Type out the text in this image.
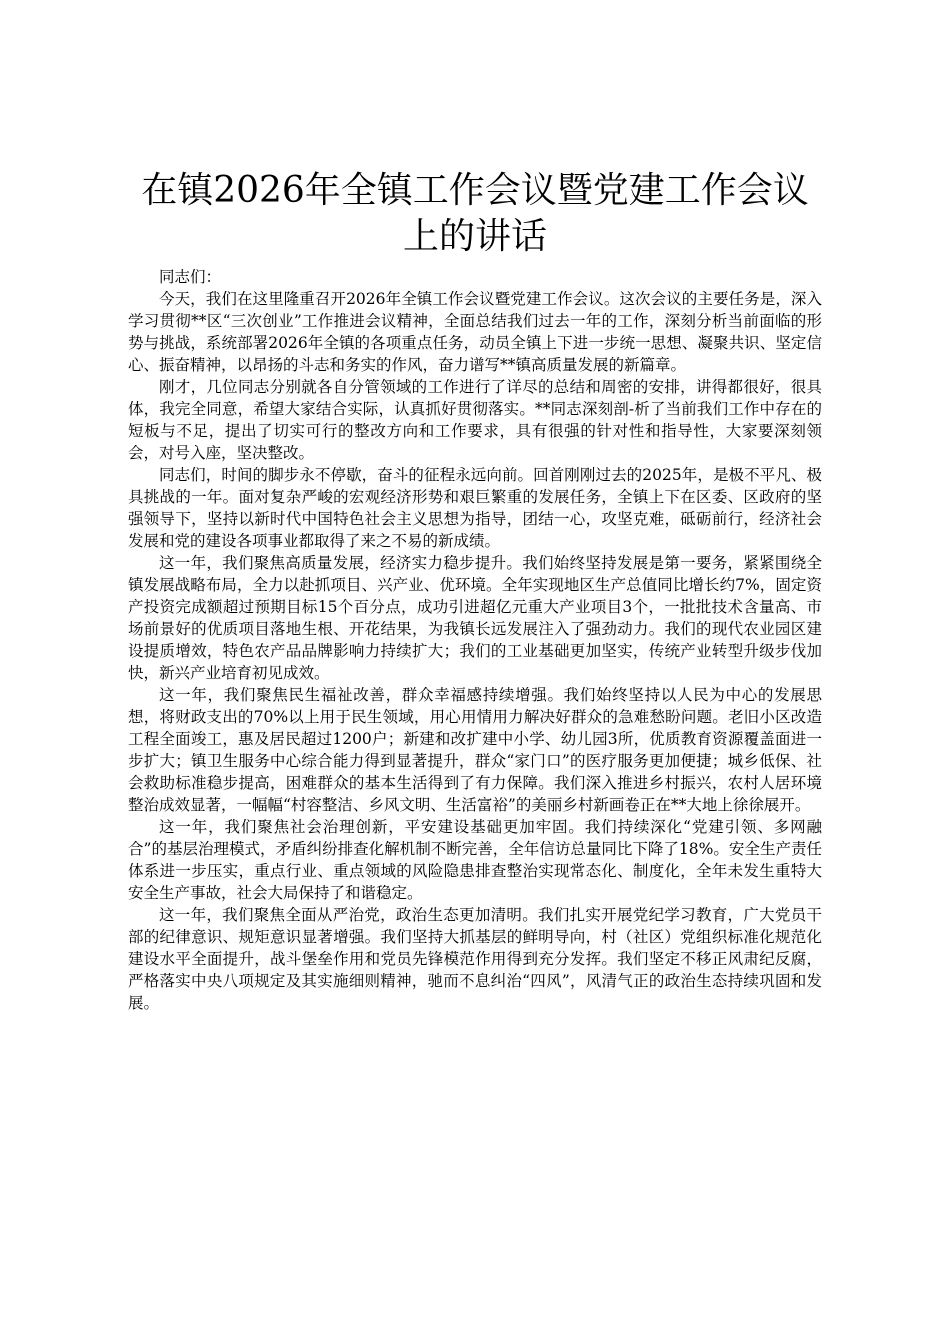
在镇2026年全镇工作会议暨党建工作会议上的讲话

同志们：

今天，我们在这里隆重召开2026年全镇工作会议暨党建工作会议。这次会议的主要任务是，深入学习贯彻**区“三次创业”工作推进会议精神，全面总结我们过去一年的工作，深刻分析当前面临的形势与挑战，系统部署2026年全镇的各项重点任务，动员全镇上下进一步统一思想、凝聚共识、坚定信心、振奋精神，以昂扬的斗志和务实的作风，奋力谱写**镇高质量发展的新篇章。

刚才，几位同志分别就各自分管领域的工作进行了详尽的总结和周密的安排，讲得都很好，很具体，我完全同意，希望大家结合实际，认真抓好贯彻落实。**同志深刻剖-析了当前我们工作中存在的短板与不足，提出了切实可行的整改方向和工作要求，具有很强的针对性和指导性，大家要深刻领会，对号入座，坚决整改。

同志们，时间的脚步永不停歇，奋斗的征程永远向前。回首刚刚过去的2025年，是极不平凡、极具挑战的一年。面对复杂严峻的宏观经济形势和艰巨繁重的发展任务，全镇上下在区委、区政府的坚强领导下，坚持以新时代中国特色社会主义思想为指导，团结一心，攻坚克难，砥砺前行，经济社会发展和党的建设各项事业都取得了来之不易的新成绩。

这一年，我们聚焦高质量发展，经济实力稳步提升。我们始终坚持发展是第一要务，紧紧围绕全镇发展战略布局，全力以赴抓项目、兴产业、优环境。全年实现地区生产总值同比增长约7%，固定资产投资完成额超过预期目标15个百分点，成功引进超亿元重大产业项目3个，一批批技术含量高、市场前景好的优质项目落地生根、开花结果，为我镇长远发展注入了强劲动力。我们的现代农业园区建设提质增效，特色农产品品牌影响力持续扩大；我们的工业基础更加坚实，传统产业转型升级步伐加快，新兴产业培育初见成效。

这一年，我们聚焦民生福祉改善，群众幸福感持续增强。我们始终坚持以人民为中心的发展思想，将财政支出的70%以上用于民生领域，用心用情用力解决好群众的急难愁盼问题。老旧小区改造工程全面竣工，惠及居民超过1200户；新建和改扩建中小学、幼儿园3所，优质教育资源覆盖面进一步扩大；镇卫生服务中心综合能力得到显著提升，群众“家门口”的医疗服务更加便捷；城乡低保、社会救助标准稳步提高，困难群众的基本生活得到了有力保障。我们深入推进乡村振兴，农村人居环境整治成效显著，一幅幅“村容整洁、乡风文明、生活富裕”的美丽乡村新画卷正在**大地上徐徐展开。

这一年，我们聚焦社会治理创新，平安建设基础更加牢固。我们持续深化“党建引领、多网融合”的基层治理模式，矛盾纠纷排查化解机制不断完善，全年信访总量同比下降了18%。安全生产责任体系进一步压实，重点行业、重点领域的风险隐患排查整治实现常态化、制度化，全年未发生重特大安全生产事故，社会大局保持了和谐稳定。

这一年，我们聚焦全面从严治党，政治生态更加清明。我们扎实开展党纪学习教育，广大党员干部的纪律意识、规矩意识显著增强。我们坚持大抓基层的鲜明导向，村（社区）党组织标准化规范化建设水平全面提升，战斗堡垒作用和党员先锋模范作用得到充分发挥。我们坚定不移正风肃纪反腐，严格落实中央八项规定及其实施细则精神，驰而不息纠治“四风”，风清气正的政治生态持续巩固和发展。
